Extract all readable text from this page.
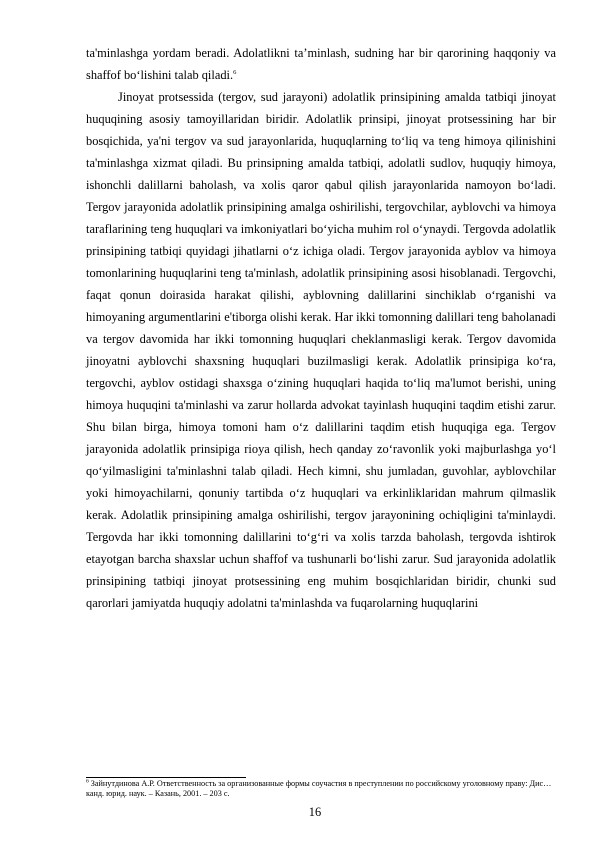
ta'minlashga yordam beradi. Adolatlikni ta’minlash, sudning har bir qarorining haqqoniy va shaffof bo‘lishini talab qiladi.$^6$

Jinoyat protsessida (tergov, sud jarayoni) adolatlik prinsipining amalda tatbiqi jinoyat huquqining asosiy tamoyillaridan biridir. Adolatlik prinsipi, jinoyat protsessining har bir bosqichida, ya'ni tergov va sud jarayonlarida, huquqlarning to‘liq va teng himoya qilinishini ta'minlashga xizmat qiladi. Bu prinsipning amalda tatbiqi, adolatli sudlov, huquqiy himoya, ishonchli dalillarni baholash, va xolis qaror qabul qilish jarayonlarida namoyon bo‘ladi. Tergov jarayonida adolatlik prinsipining amalga oshirilishi, tergovchilar, ayblovchi va himoya taraflarining teng huquqlari va imkoniyatlari bo‘yicha muhim rol o‘ynaydi. Tergovda adolatlik prinsipining tatbiqi quyidagi jihatlarni o‘z ichiga oladi. Tergov jarayonida ayblov va himoya tomonlarining huquqlarini teng ta'minlash, adolatlik prinsipining asosi hisoblanadi. Tergovchi, faqat qonun doirasida harakat qilishi, ayblovning dalillarini sinchiklab o‘rganishi va himoyaning argumentlarini e'tiborga olishi kerak. Har ikki tomonning dalillari teng baholanadi va tergov davomida har ikki tomonning huquqlari cheklanmasligi kerak. Tergov davomida jinoyatni ayblovchi shaxsning huquqlari buzilmasligi kerak. Adolatlik prinsipiga ko‘ra, tergovchi, ayblov ostidagi shaxsga o‘zining huquqlari haqida to‘liq ma'lumot berishi, uning himoya huquqini ta'minlashi va zarur hollarda advokat tayinlash huquqini taqdim etishi zarur. Shu bilan birga, himoya tomoni ham o‘z dalillarini taqdim etish huquqiga ega. Tergov jarayonida adolatlik prinsipiga rioya qilish, hech qanday zo‘ravonlik yoki majburlashga yo‘l qo‘yilmasligini ta'minlashni talab qiladi. Hech kimni, shu jumladan, guvohlar, ayblovchilar yoki himoyachilarni, qonuniy tartibda o‘z huquqlari va erkinliklaridan mahrum qilmaslik kerak. Adolatlik prinsipining amalga oshirilishi, tergov jarayonining ochiqligini ta'minlaydi. Tergovda har ikki tomonning dalillarini to‘g‘ri va xolis tarzda baholash, tergovda ishtirok etayotgan barcha shaxslar uchun shaffof va tushunarli bo‘lishi zarur. Sud jarayonida adolatlik prinsipining tatbiqi jinoyat protsessining eng muhim bosqichlaridan biridir, chunki sud qarorlari jamiyatda huquqiy adolatni ta'minlashda va fuqarolarning huquqlarini

$^6$ Зайнутдинова А.Р. Ответственность за организованные формы соучастия в преступлении по российскому уголовному праву: Дис… канд. юрид. наук. – Казань, 2001. – 203 с.
16
